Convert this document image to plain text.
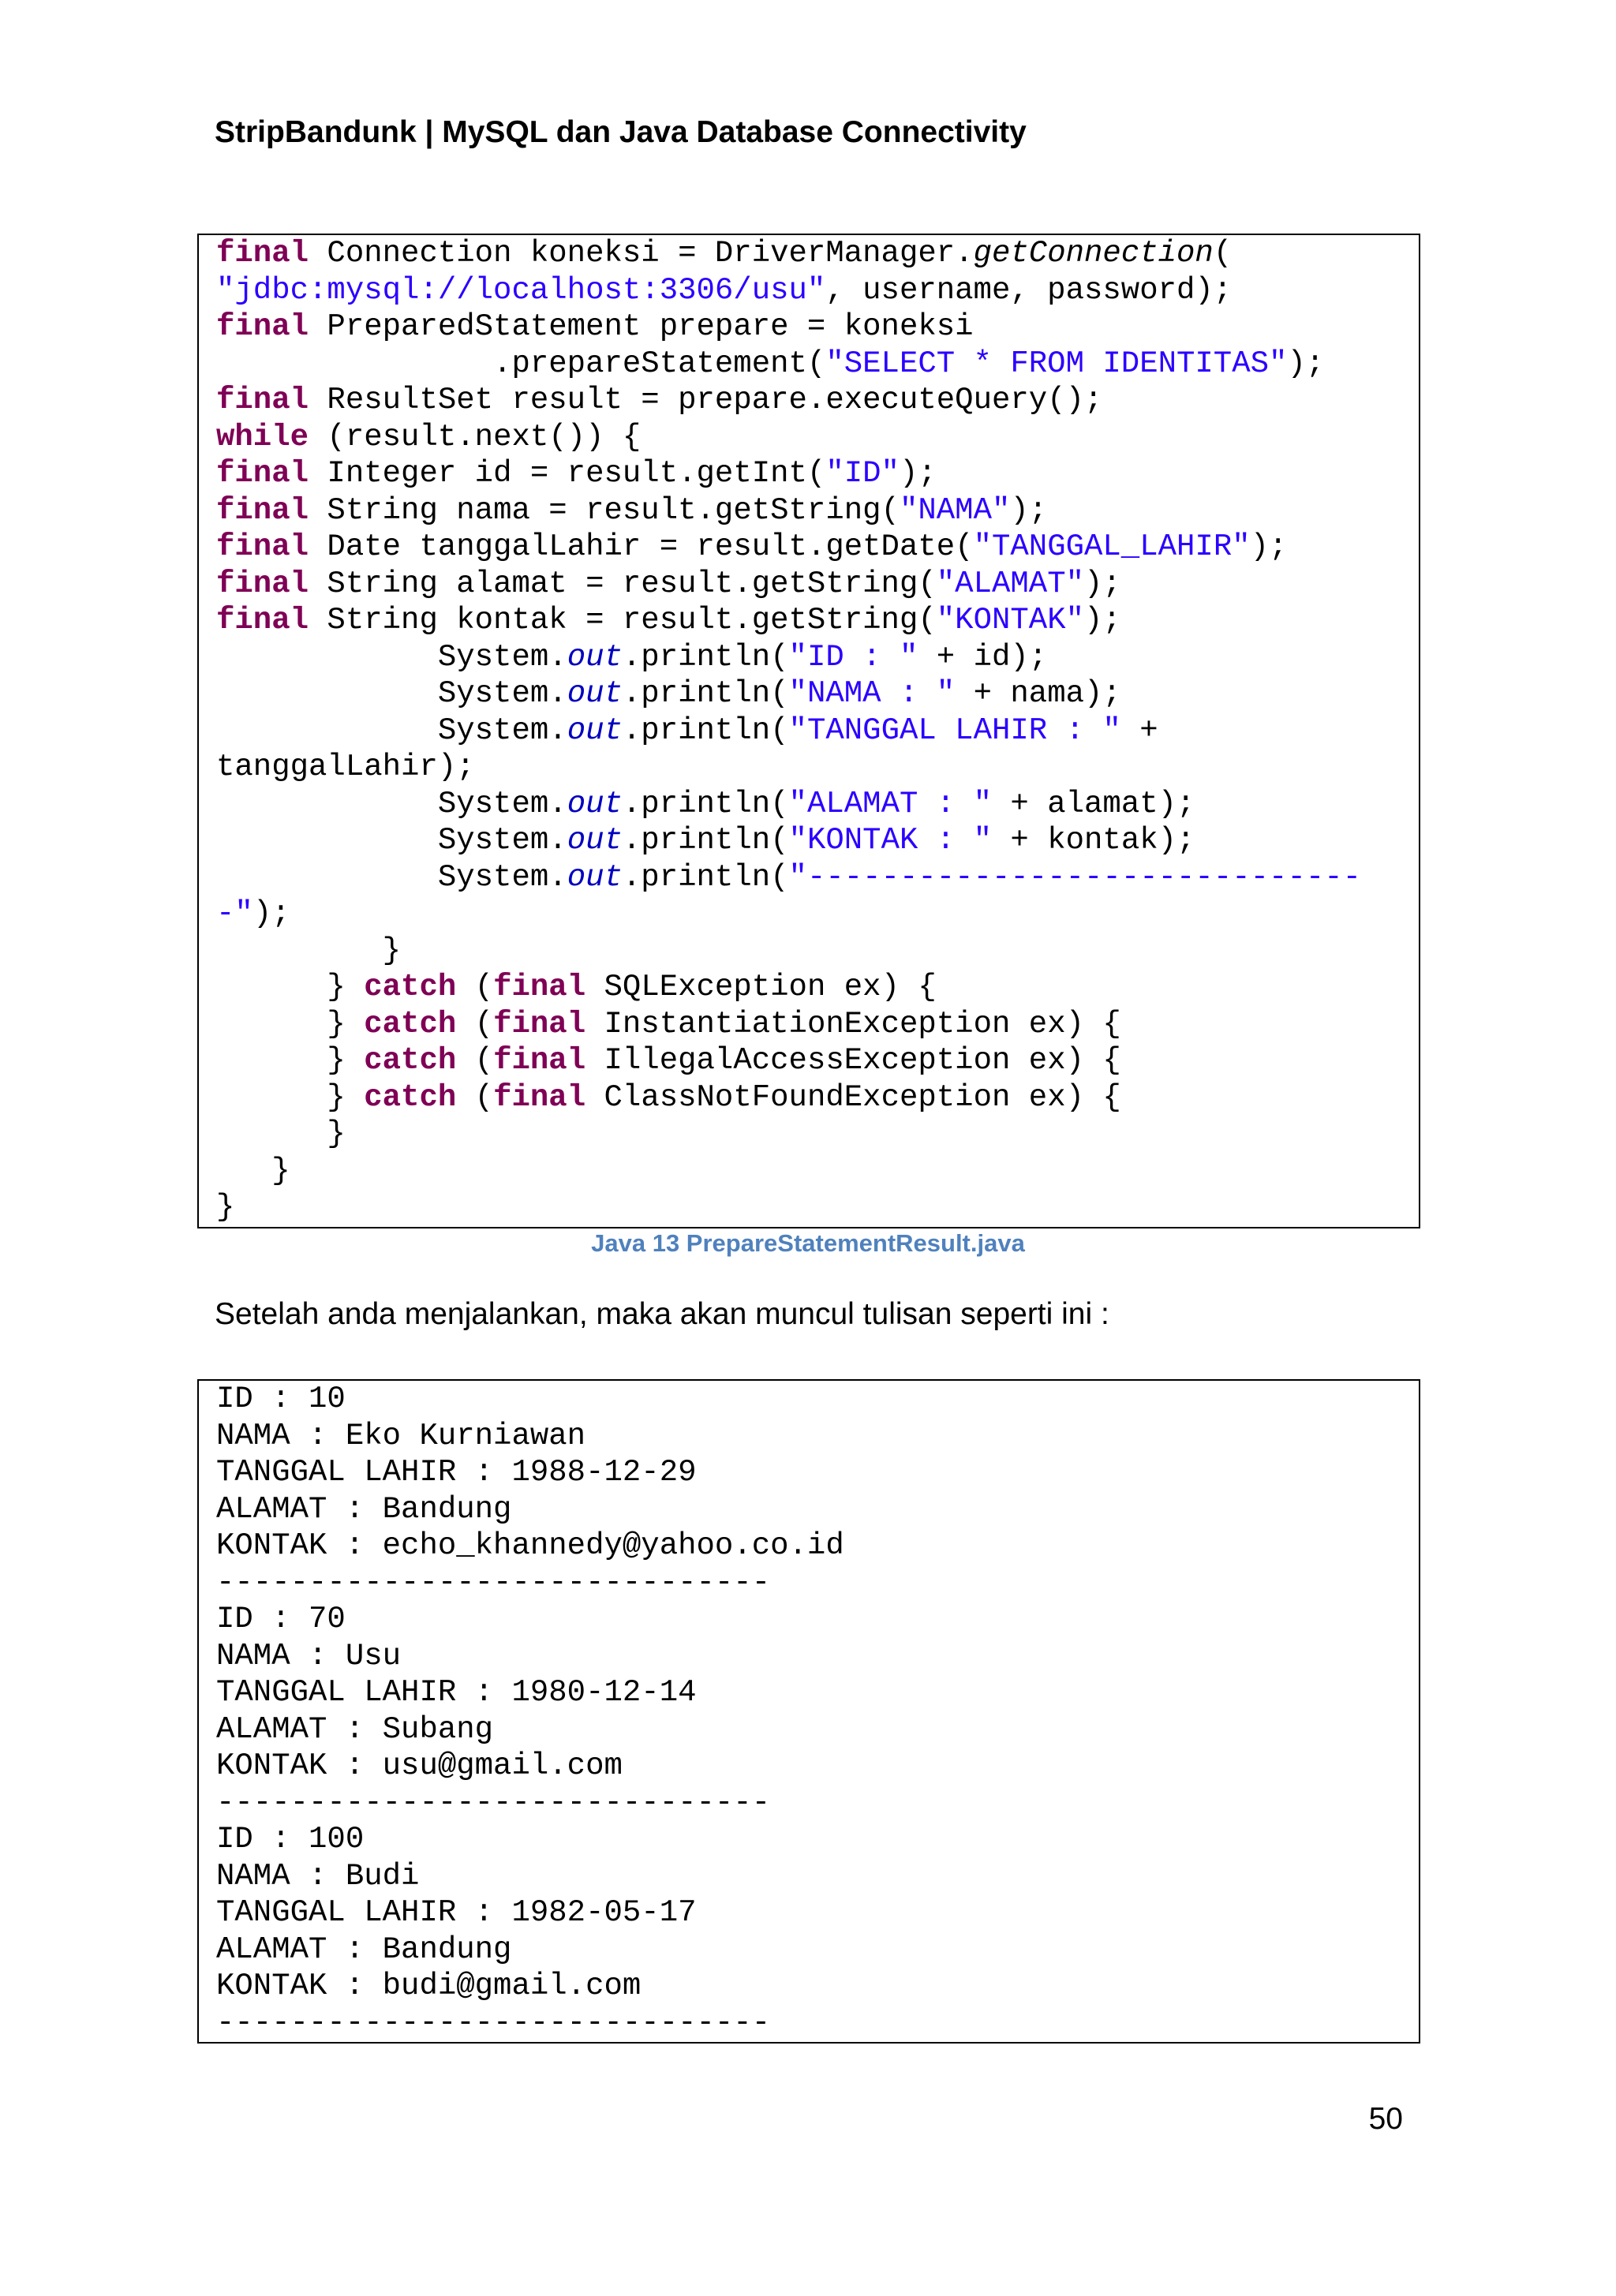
StripBandunk | MySQL dan Java Database Connectivity
final Connection koneksi = DriverManager.getConnection(
"jdbc:mysql://localhost:3306/usu", username, password);
final PreparedStatement prepare = koneksi
.prepareStatement("SELECT * FROM IDENTITAS");
final ResultSet result = prepare.executeQuery();
while (result.next()) {
final Integer id = result.getInt("ID");
final String nama = result.getString("NAMA");
final Date tanggalLahir = result.getDate("TANGGAL_LAHIR");
final String alamat = result.getString("ALAMAT");
final String kontak = result.getString("KONTAK");
System.out.println("ID : " + id);
System.out.println("NAMA : " + nama);
System.out.println("TANGGAL LAHIR : " +
tanggalLahir);
System.out.println("ALAMAT : " + alamat);
System.out.println("KONTAK : " + kontak);
System.out.println("------------------------------
-");
}
} catch (final SQLException ex) {
} catch (final InstantiationException ex) {
} catch (final IllegalAccessException ex) {
} catch (final ClassNotFoundException ex) {
}
}
}
Java 13 PrepareStatementResult.java
Setelah anda menjalankan, maka akan muncul tulisan seperti ini :
ID : 10
NAMA : Eko Kurniawan
TANGGAL LAHIR : 1988-12-29
ALAMAT : Bandung
KONTAK : echo_khannedy@yahoo.co.id
------------------------------
ID : 70
NAMA : Usu
TANGGAL LAHIR : 1980-12-14
ALAMAT : Subang
KONTAK : usu@gmail.com
------------------------------
ID : 100
NAMA : Budi
TANGGAL LAHIR : 1982-05-17
ALAMAT : Bandung
KONTAK : budi@gmail.com
------------------------------
50
